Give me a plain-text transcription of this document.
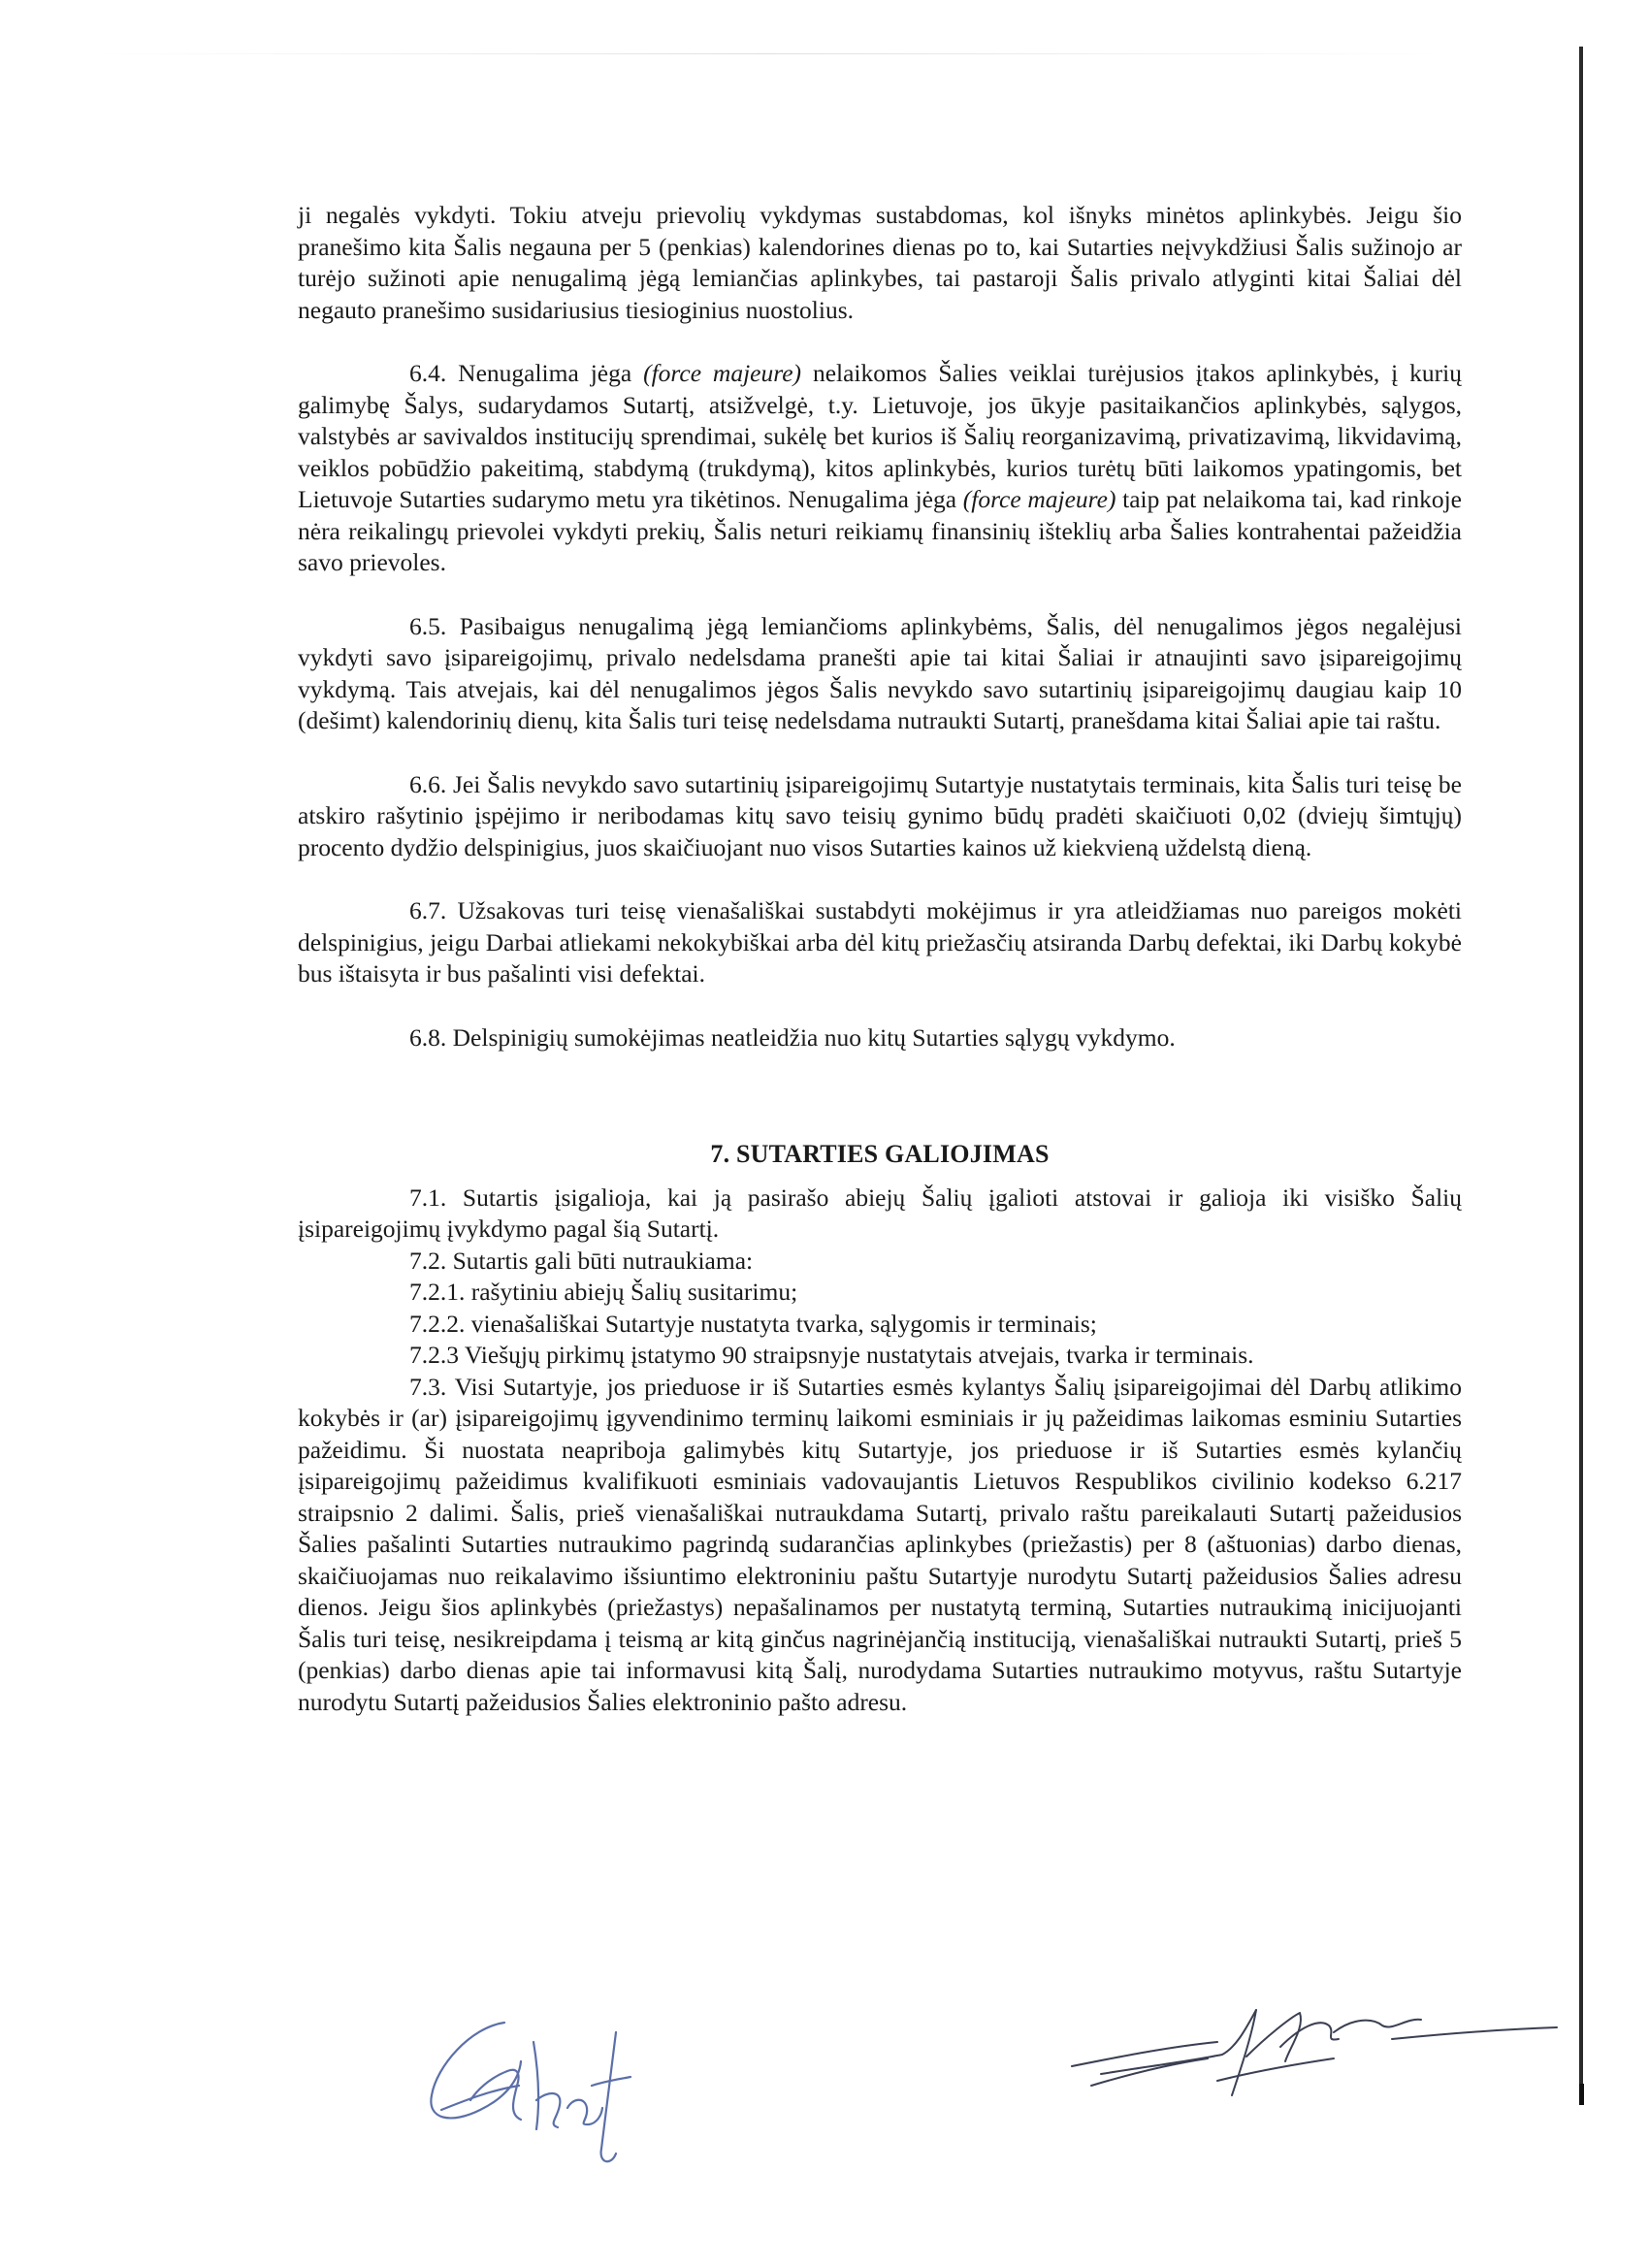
ji negalės vykdyti. Tokiu atveju prievolių vykdymas sustabdomas, kol išnyks minėtos aplinkybės. Jeigu šio pranešimo kita Šalis negauna per 5 (penkias) kalendorines dienas po to, kai Sutarties neįvykdžiusi Šalis sužinojo ar turėjo sužinoti apie nenugalimą jėgą lemiančias aplinkybes, tai pastaroji Šalis privalo atlyginti kitai Šaliai dėl negauto pranešimo susidariusius tiesioginius nuostolius.

6.4. Nenugalima jėga (force majeure) nelaikomos Šalies veiklai turėjusios įtakos aplinkybės, į kurių galimybę Šalys, sudarydamos Sutartį, atsižvelgė, t.y. Lietuvoje, jos ūkyje pasitaikančios aplinkybės, sąlygos, valstybės ar savivaldos institucijų sprendimai, sukėlę bet kurios iš Šalių reorganizavimą, privatizavimą, likvidavimą, veiklos pobūdžio pakeitimą, stabdymą (trukdymą), kitos aplinkybės, kurios turėtų būti laikomos ypatingomis, bet Lietuvoje Sutarties sudarymo metu yra tikėtinos. Nenugalima jėga (force majeure) taip pat nelaikoma tai, kad rinkoje nėra reikalingų prievolei vykdyti prekių, Šalis neturi reikiamų finansinių išteklių arba Šalies kontrahentai pažeidžia savo prievoles.

6.5. Pasibaigus nenugalimą jėgą lemiančioms aplinkybėms, Šalis, dėl nenugalimos jėgos negalėjusi vykdyti savo įsipareigojimų, privalo nedelsdama pranešti apie tai kitai Šaliai ir atnaujinti savo įsipareigojimų vykdymą. Tais atvejais, kai dėl nenugalimos jėgos Šalis nevykdo savo sutartinių įsipareigojimų daugiau kaip 10 (dešimt) kalendorinių dienų, kita Šalis turi teisę nedelsdama nutraukti Sutartį, pranešdama kitai Šaliai apie tai raštu.

6.6. Jei Šalis nevykdo savo sutartinių įsipareigojimų Sutartyje nustatytais terminais, kita Šalis turi teisę be atskiro rašytinio įspėjimo ir neribodamas kitų savo teisių gynimo būdų pradėti skaičiuoti 0,02 (dviejų šimtųjų) procento dydžio delspinigius, juos skaičiuojant nuo visos Sutarties kainos už kiekvieną uždelstą dieną.

6.7. Užsakovas turi teisę vienašališkai sustabdyti mokėjimus ir yra atleidžiamas nuo pareigos mokėti delspinigius, jeigu Darbai atliekami nekokybiškai arba dėl kitų priežasčių atsiranda Darbų defektai, iki Darbų kokybė bus ištaisyta ir bus pašalinti visi defektai.

6.8. Delspinigių sumokėjimas neatleidžia nuo kitų Sutarties sąlygų vykdymo.

7. SUTARTIES GALIOJIMAS

7.1. Sutartis įsigalioja, kai ją pasirašo abiejų Šalių įgalioti atstovai ir galioja iki visiško Šalių įsipareigojimų įvykdymo pagal šią Sutartį.

7.2. Sutartis gali būti nutraukiama:

7.2.1. rašytiniu abiejų Šalių susitarimu;

7.2.2. vienašališkai Sutartyje nustatyta tvarka, sąlygomis ir terminais;

7.2.3 Viešųjų pirkimų įstatymo 90 straipsnyje nustatytais atvejais, tvarka ir terminais.

7.3. Visi Sutartyje, jos prieduose ir iš Sutarties esmės kylantys Šalių įsipareigojimai dėl Darbų atlikimo kokybės ir (ar) įsipareigojimų įgyvendinimo terminų laikomi esminiais ir jų pažeidimas laikomas esminiu Sutarties pažeidimu. Ši nuostata neapriboja galimybės kitų Sutartyje, jos prieduose ir iš Sutarties esmės kylančių įsipareigojimų pažeidimus kvalifikuoti esminiais vadovaujantis Lietuvos Respublikos civilinio kodekso 6.217 straipsnio 2 dalimi. Šalis, prieš vienašališkai nutraukdama Sutartį, privalo raštu pareikalauti Sutartį pažeidusios Šalies pašalinti Sutarties nutraukimo pagrindą sudarančias aplinkybes (priežastis) per 8 (aštuonias) darbo dienas, skaičiuojamas nuo reikalavimo išsiuntimo elektroniniu paštu Sutartyje nurodytu Sutartį pažeidusios Šalies adresu dienos. Jeigu šios aplinkybės (priežastys) nepašalinamos per nustatytą terminą, Sutarties nutraukimą inicijuojanti Šalis turi teisę, nesikreipdama į teismą ar kitą ginčus nagrinėjančią instituciją, vienašališkai nutraukti Sutartį, prieš 5 (penkias) darbo dienas apie tai informavusi kitą Šalį, nurodydama Sutarties nutraukimo motyvus, raštu Sutartyje nurodytu Sutartį pažeidusios Šalies elektroninio pašto adresu.
